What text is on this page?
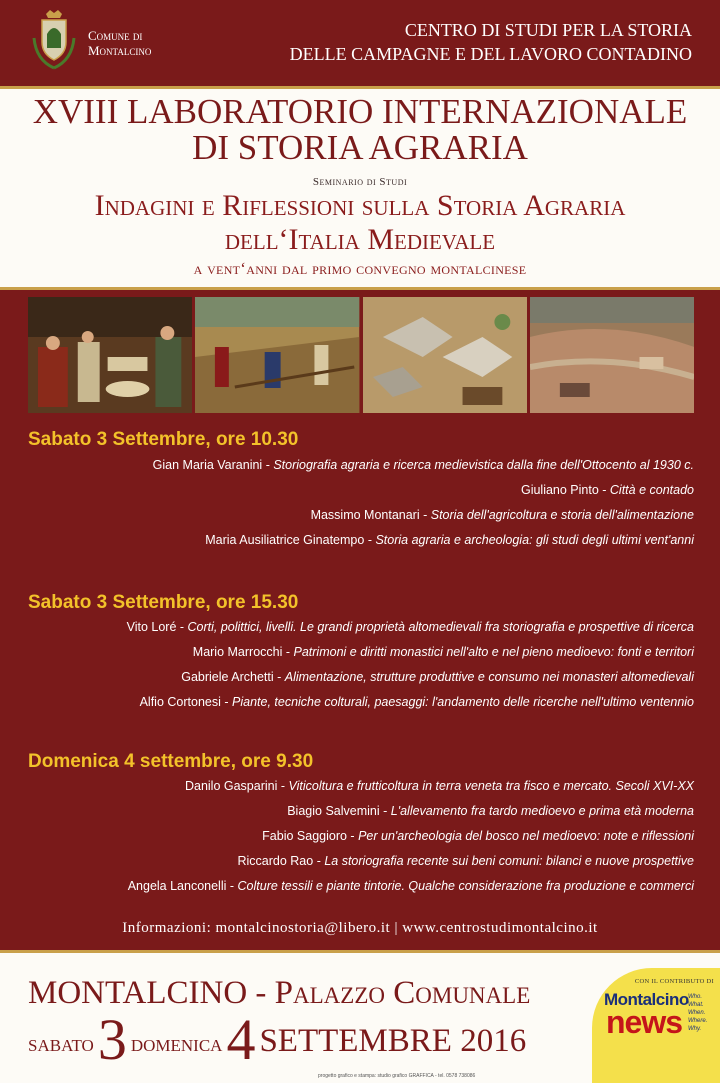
Comune di
Montalcino
CENTRO DI STUDI PER LA STORIA
DELLE CAMPAGNE E DEL LAVORO CONTADINO
XVIII LABORATORIO INTERNAZIONALE
DI STORIA AGRARIA
Seminario di Studi
Indagini e Riflessioni sulla Storia Agraria
dell‘Italia Medievale
a vent‘anni dal primo convegno montalcinese
Sabato 3 Settembre, ore 10.30
Gian Maria Varanini - Storiografia agraria e ricerca medievistica dalla fine dell'Ottocento al 1930 c.
Giuliano Pinto - Città e contado
Massimo Montanari - Storia dell'agricoltura e storia dell'alimentazione
Maria Ausiliatrice Ginatempo - Storia agraria e archeologia: gli studi degli ultimi vent'anni
Sabato 3 Settembre, ore 15.30
Vito Loré - Corti, polittici, livelli. Le grandi proprietà altomedievali fra storiografia e prospettive di ricerca
Mario Marrocchi - Patrimoni e diritti monastici nell'alto e nel pieno medioevo: fonti e territori
Gabriele Archetti - Alimentazione, strutture produttive e consumo nei monasteri altomedievali
Alfio Cortonesi - Piante, tecniche colturali, paesaggi: l'andamento delle ricerche nell'ultimo ventennio
Domenica 4 settembre, ore 9.30
Danilo Gasparini - Viticoltura e frutticoltura in terra veneta tra fisco e mercato. Secoli XVI-XX
Biagio Salvemini - L'allevamento fra tardo medioevo e prima età moderna
Fabio Saggioro - Per un'archeologia del bosco nel medioevo: note e riflessioni
Riccardo Rao - La storiografia recente sui beni comuni: bilanci e nuove prospettive
Angela Lanconelli - Colture tessili e piante tintorie. Qualche considerazione fra produzione e commerci
Informazioni: montalcinostoria@libero.it | www.centrostudimontalcino.it
MONTALCINO - Palazzo Comunale
sabato 3 domenica 4 SETTEMBRE 2016
progetto grafico e stampa: studio grafico GRAFFICA - tel. 0578 738086
CON IL CONTRIBUTO DI
Montalcino
news
Who. What. When. Where. Why.
